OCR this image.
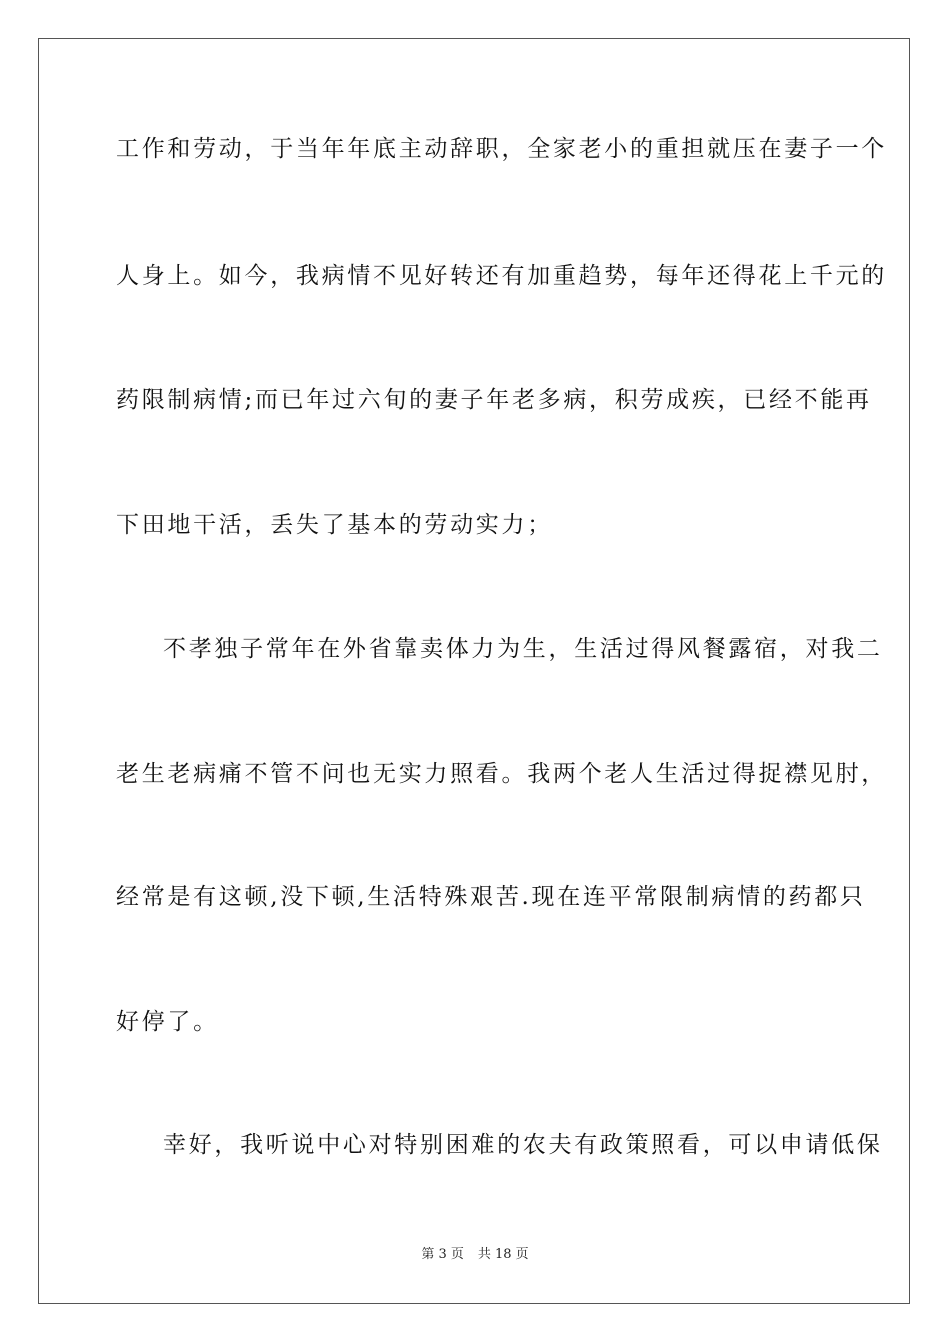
工作和劳动，于当年年底主动辞职，全家老小的重担就压在妻子一个

人身上。如今，我病情不见好转还有加重趋势，每年还得花上千元的

药限制病情;而已年过六旬的妻子年老多病，积劳成疾，已经不能再

下田地干活，丢失了基本的劳动实力；

不孝独子常年在外省靠卖体力为生，生活过得风餐露宿，对我二

老生老病痛不管不问也无实力照看。我两个老人生活过得捉襟见肘，

经常是有这顿,没下顿,生活特殊艰苦.现在连平常限制病情的药都只

好停了。

幸好，我听说中心对特别困难的农夫有政策照看，可以申请低保

第 3 页 共 18 页
